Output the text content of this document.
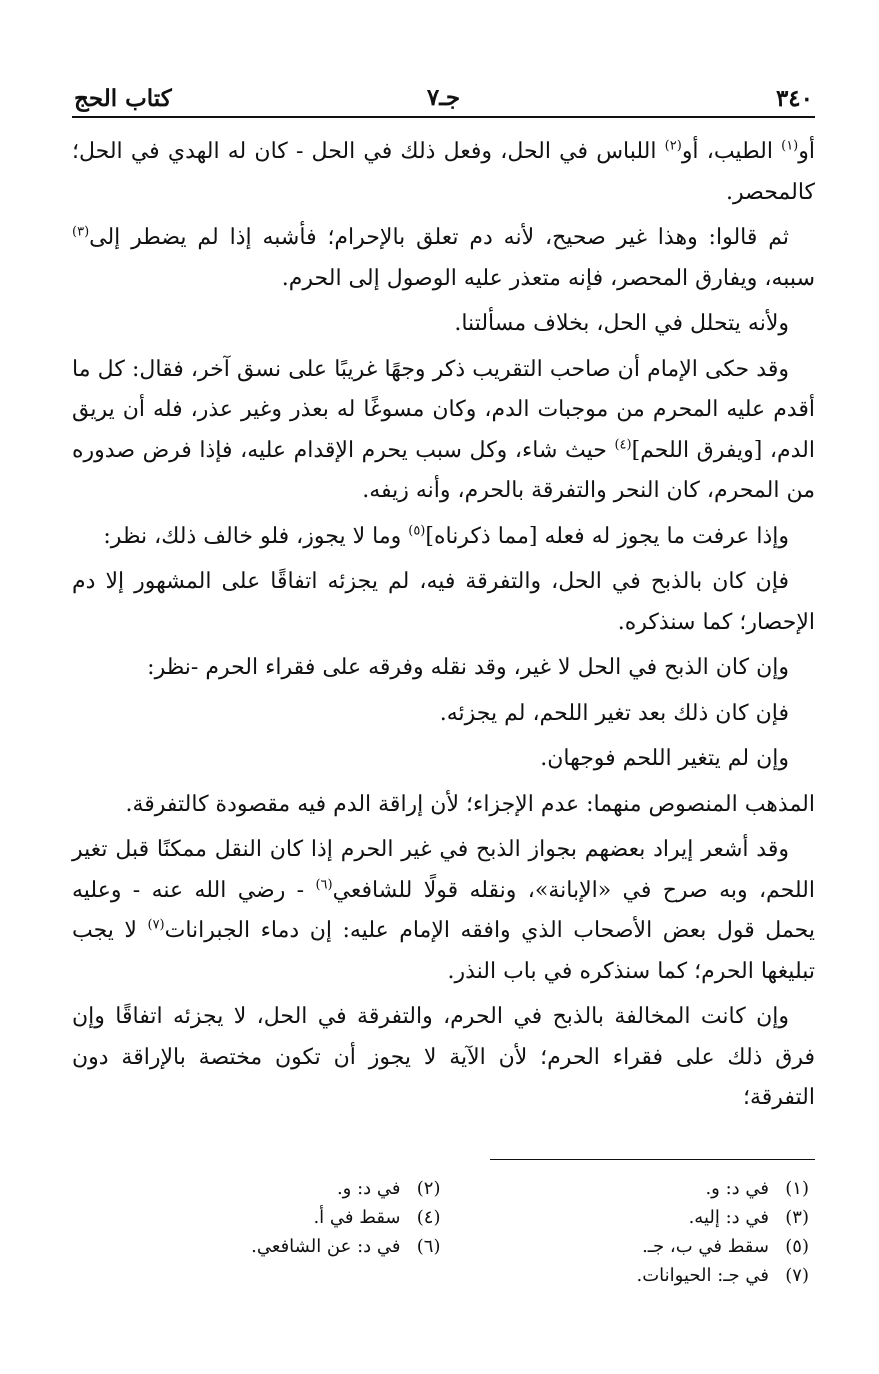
٣٤٠
جـ٧
كتاب الحج

أو$^{(١)}$ الطيب، أو$^{(٢)}$ اللباس في الحل، وفعل ذلك في الحل - كان له الهدي في الحل؛ كالمحصر.

ثم قالوا: وهذا غير صحيح، لأنه دم تعلق بالإحرام؛ فأشبه إذا لم يضطر إلى$^{(٣)}$ سببه، ويفارق المحصر، فإنه متعذر عليه الوصول إلى الحرم.

ولأنه يتحلل في الحل، بخلاف مسألتنا.

وقد حكى الإمام أن صاحب التقريب ذكر وجهًا غريبًا على نسق آخر، فقال: كل ما أقدم عليه المحرم من موجبات الدم، وكان مسوغًا له بعذر وغير عذر، فله أن يريق الدم، [ويفرق اللحم]$^{(٤)}$ حيث شاء، وكل سبب يحرم الإقدام عليه، فإذا فرض صدوره من المحرم، كان النحر والتفرقة بالحرم، وأنه زيفه.

وإذا عرفت ما يجوز له فعله [مما ذكرناه]$^{(٥)}$ وما لا يجوز، فلو خالف ذلك، نظر:

فإن كان بالذبح في الحل، والتفرقة فيه، لم يجزئه اتفاقًا على المشهور إلا دم الإحصار؛ كما سنذكره.

وإن كان الذبح في الحل لا غير، وقد نقله وفرقه على فقراء الحرم -نظر:

فإن كان ذلك بعد تغير اللحم، لم يجزئه.

وإن لم يتغير اللحم فوجهان.

المذهب المنصوص منهما: عدم الإجزاء؛ لأن إراقة الدم فيه مقصودة كالتفرقة.

وقد أشعر إيراد بعضهم بجواز الذبح في غير الحرم إذا كان النقل ممكنًا قبل تغير اللحم، وبه صرح في «الإبانة»، ونقله قولًا للشافعي$^{(٦)}$ - رضي الله عنه - وعليه يحمل قول بعض الأصحاب الذي وافقه الإمام عليه: إن دماء الجبرانات$^{(٧)}$ لا يجب تبليغها الحرم؛ كما سنذكره في باب النذر.

وإن كانت المخالفة بالذبح في الحرم، والتفرقة في الحل، لا يجزئه اتفاقًا وإن فرق ذلك على فقراء الحرم؛ لأن الآية لا يجوز أن تكون مختصة بالإراقة دون التفرقة؛

(١)في د: و.
(٢)في د: و.
(٣)في د: إليه.
(٤)سقط في أ.
(٥)سقط في ب، جـ.
(٦)في د: عن الشافعي.
(٧)في جـ: الحيوانات.
